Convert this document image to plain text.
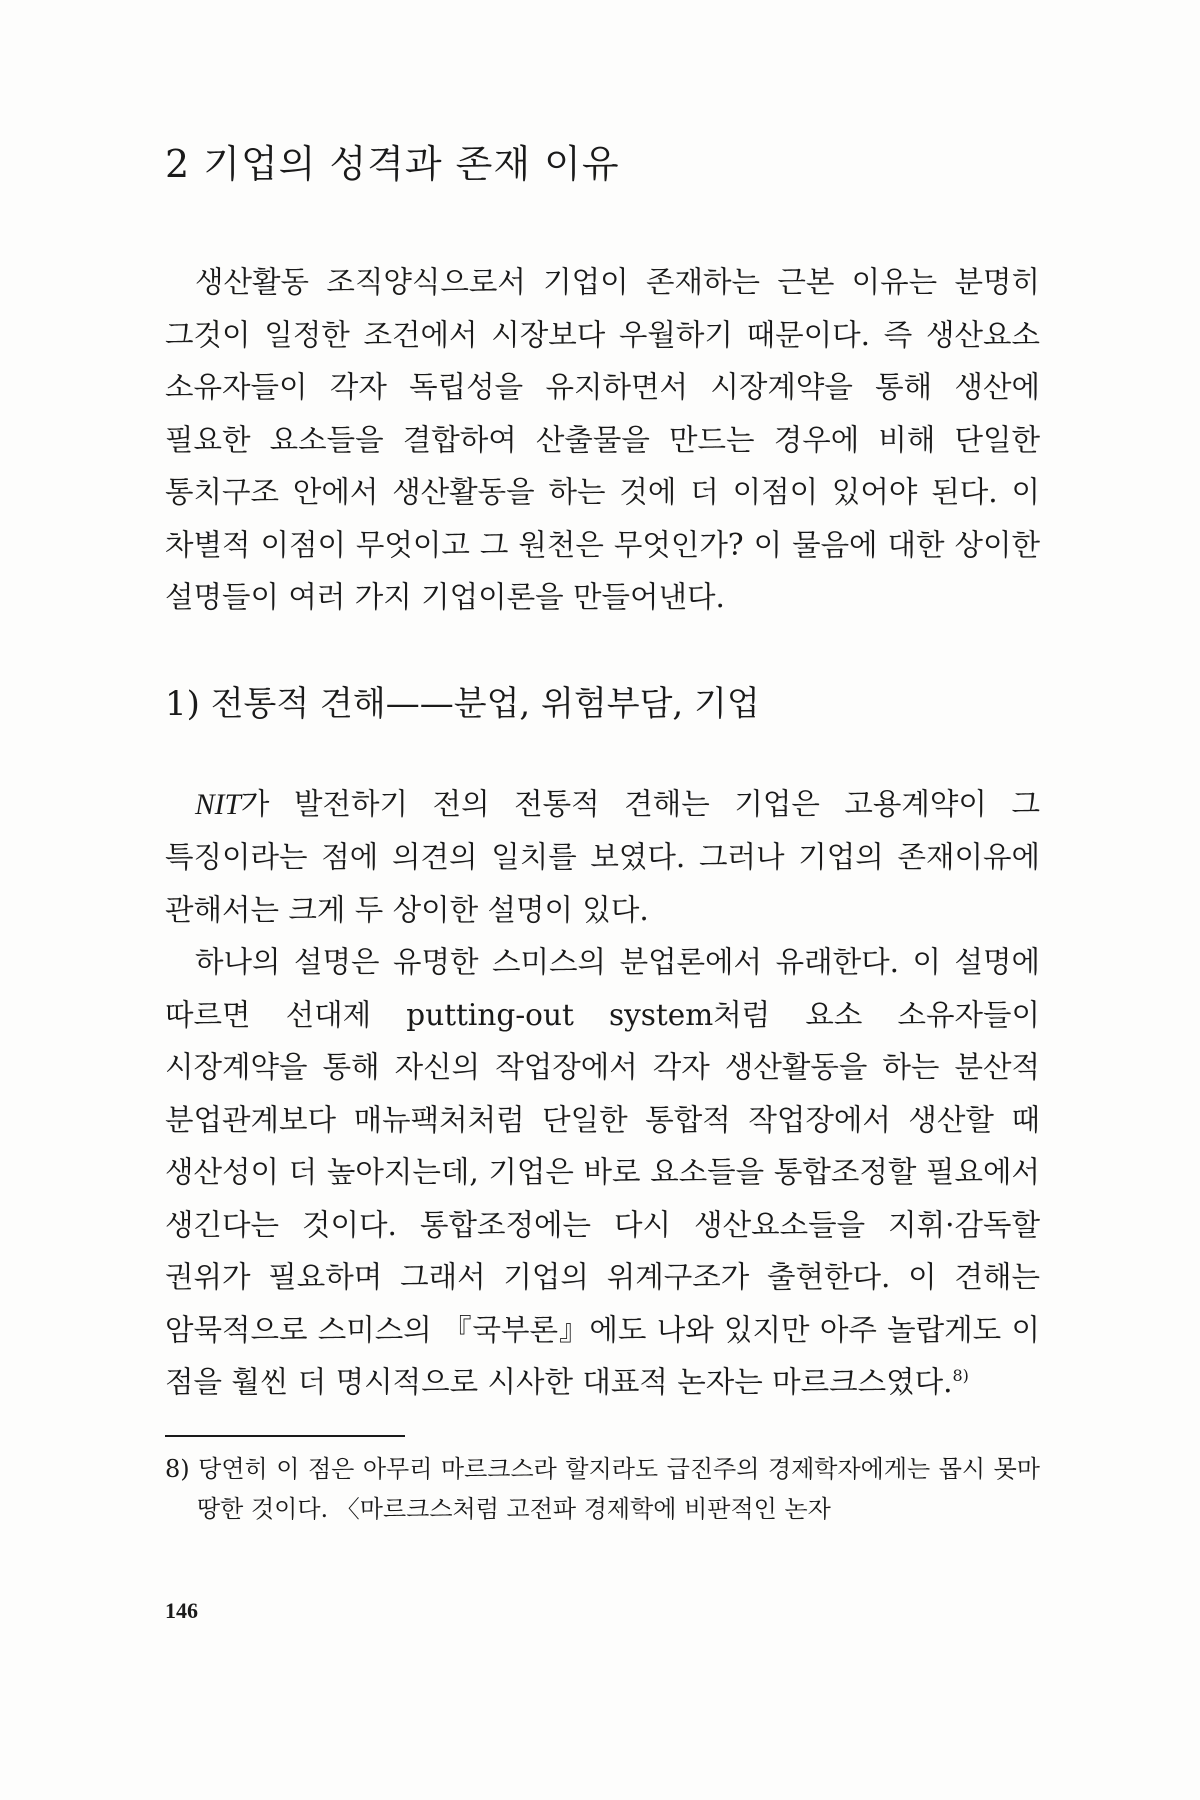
2 기업의 성격과 존재 이유

생산활동 조직양식으로서 기업이 존재하는 근본 이유는 분명히 그것이 일정한 조건에서 시장보다 우월하기 때문이다. 즉 생산요소 소유자들이 각자 독립성을 유지하면서 시장계약을 통해 생산에 필요한 요소들을 결합하여 산출물을 만드는 경우에 비해 단일한 통치구조 안에서 생산활동을 하는 것에 더 이점이 있어야 된다. 이 차별적 이점이 무엇이고 그 원천은 무엇인가? 이 물음에 대한 상이한 설명들이 여러 가지 기업이론을 만들어낸다.

1) 전통적 견해——분업, 위험부담, 기업

NIT가 발전하기 전의 전통적 견해는 기업은 고용계약이 그 특징이라는 점에 의견의 일치를 보였다. 그러나 기업의 존재이유에 관해서는 크게 두 상이한 설명이 있다.

하나의 설명은 유명한 스미스의 분업론에서 유래한다. 이 설명에 따르면 선대제 putting-out system처럼 요소 소유자들이 시장계약을 통해 자신의 작업장에서 각자 생산활동을 하는 분산적 분업관계보다 매뉴팩처처럼 단일한 통합적 작업장에서 생산할 때 생산성이 더 높아지는데, 기업은 바로 요소들을 통합조정할 필요에서 생긴다는 것이다. 통합조정에는 다시 생산요소들을 지휘·감독할 권위가 필요하며 그래서 기업의 위계구조가 출현한다. 이 견해는 암묵적으로 스미스의 『국부론』에도 나와 있지만 아주 놀랍게도 이 점을 훨씬 더 명시적으로 시사한 대표적 논자는 마르크스였다.$^{8)}$

8) 당연히 이 점은 아무리 마르크스라 할지라도 급진주의 경제학자에게는 몹시 못마땅한 것이다. 〈마르크스처럼 고전파 경제학에 비판적인 논자

146
